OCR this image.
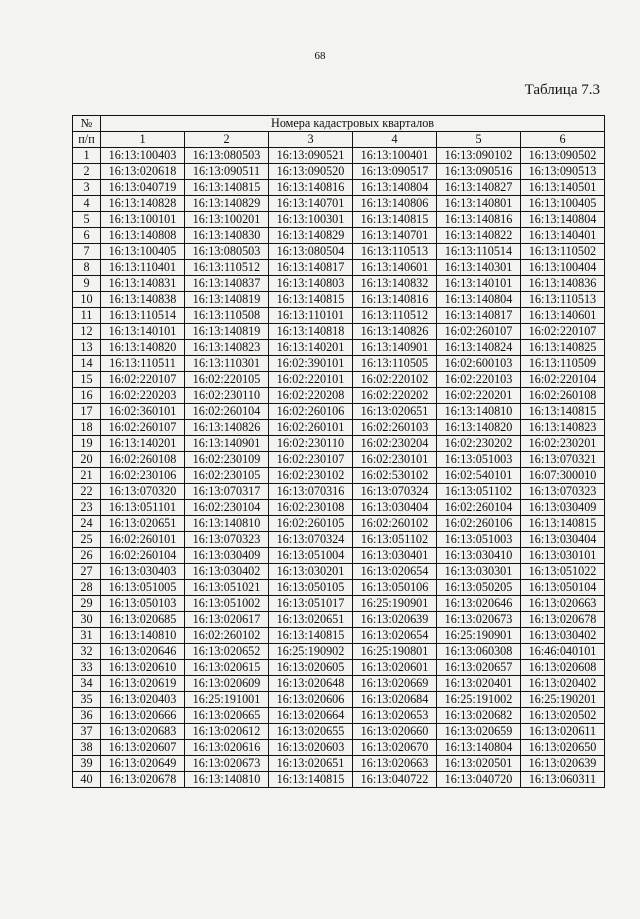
68
Таблица 7.3
№	Номера кадастровых кварталов					
п/п	1	2	3	4	5	6
1	16:13:100403	16:13:080503	16:13:090521	16:13:100401	16:13:090102	16:13:090502
2	16:13:020618	16:13:090511	16:13:090520	16:13:090517	16:13:090516	16:13:090513
3	16:13:040719	16:13:140815	16:13:140816	16:13:140804	16:13:140827	16:13:140501
4	16:13:140828	16:13:140829	16:13:140701	16:13:140806	16:13:140801	16:13:100405
5	16:13:100101	16:13:100201	16:13:100301	16:13:140815	16:13:140816	16:13:140804
6	16:13:140808	16:13:140830	16:13:140829	16:13:140701	16:13:140822	16:13:140401
7	16:13:100405	16:13:080503	16:13:080504	16:13:110513	16:13:110514	16:13:110502
8	16:13:110401	16:13:110512	16:13:140817	16:13:140601	16:13:140301	16:13:100404
9	16:13:140831	16:13:140837	16:13:140803	16:13:140832	16:13:140101	16:13:140836
10	16:13:140838	16:13:140819	16:13:140815	16:13:140816	16:13:140804	16:13:110513
11	16:13:110514	16:13:110508	16:13:110101	16:13:110512	16:13:140817	16:13:140601
12	16:13:140101	16:13:140819	16:13:140818	16:13:140826	16:02:260107	16:02:220107
13	16:13:140820	16:13:140823	16:13:140201	16:13:140901	16:13:140824	16:13:140825
14	16:13:110511	16:13:110301	16:02:390101	16:13:110505	16:02:600103	16:13:110509
15	16:02:220107	16:02:220105	16:02:220101	16:02:220102	16:02:220103	16:02:220104
16	16:02:220203	16:02:230110	16:02:220208	16:02:220202	16:02:220201	16:02:260108
17	16:02:360101	16:02:260104	16:02:260106	16:13:020651	16:13:140810	16:13:140815
18	16:02:260107	16:13:140826	16:02:260101	16:02:260103	16:13:140820	16:13:140823
19	16:13:140201	16:13:140901	16:02:230110	16:02:230204	16:02:230202	16:02:230201
20	16:02:260108	16:02:230109	16:02:230107	16:02:230101	16:13:051003	16:13:070321
21	16:02:230106	16:02:230105	16:02:230102	16:02:530102	16:02:540101	16:07:300010
22	16:13:070320	16:13:070317	16:13:070316	16:13:070324	16:13:051102	16:13:070323
23	16:13:051101	16:02:230104	16:02:230108	16:13:030404	16:02:260104	16:13:030409
24	16:13:020651	16:13:140810	16:02:260105	16:02:260102	16:02:260106	16:13:140815
25	16:02:260101	16:13:070323	16:13:070324	16:13:051102	16:13:051003	16:13:030404
26	16:02:260104	16:13:030409	16:13:051004	16:13:030401	16:13:030410	16:13:030101
27	16:13:030403	16:13:030402	16:13:030201	16:13:020654	16:13:030301	16:13:051022
28	16:13:051005	16:13:051021	16:13:050105	16:13:050106	16:13:050205	16:13:050104
29	16:13:050103	16:13:051002	16:13:051017	16:25:190901	16:13:020646	16:13:020663
30	16:13:020685	16:13:020617	16:13:020651	16:13:020639	16:13:020673	16:13:020678
31	16:13:140810	16:02:260102	16:13:140815	16:13:020654	16:25:190901	16:13:030402
32	16:13:020646	16:13:020652	16:25:190902	16:25:190801	16:13:060308	16:46:040101
33	16:13:020610	16:13:020615	16:13:020605	16:13:020601	16:13:020657	16:13:020608
34	16:13:020619	16:13:020609	16:13:020648	16:13:020669	16:13:020401	16:13:020402
35	16:13:020403	16:25:191001	16:13:020606	16:13:020684	16:25:191002	16:25:190201
36	16:13:020666	16:13:020665	16:13:020664	16:13:020653	16:13:020682	16:13:020502
37	16:13:020683	16:13:020612	16:13:020655	16:13:020660	16:13:020659	16:13:020611
38	16:13:020607	16:13:020616	16:13:020603	16:13:020670	16:13:140804	16:13:020650
39	16:13:020649	16:13:020673	16:13:020651	16:13:020663	16:13:020501	16:13:020639
40	16:13:020678	16:13:140810	16:13:140815	16:13:040722	16:13:040720	16:13:060311
